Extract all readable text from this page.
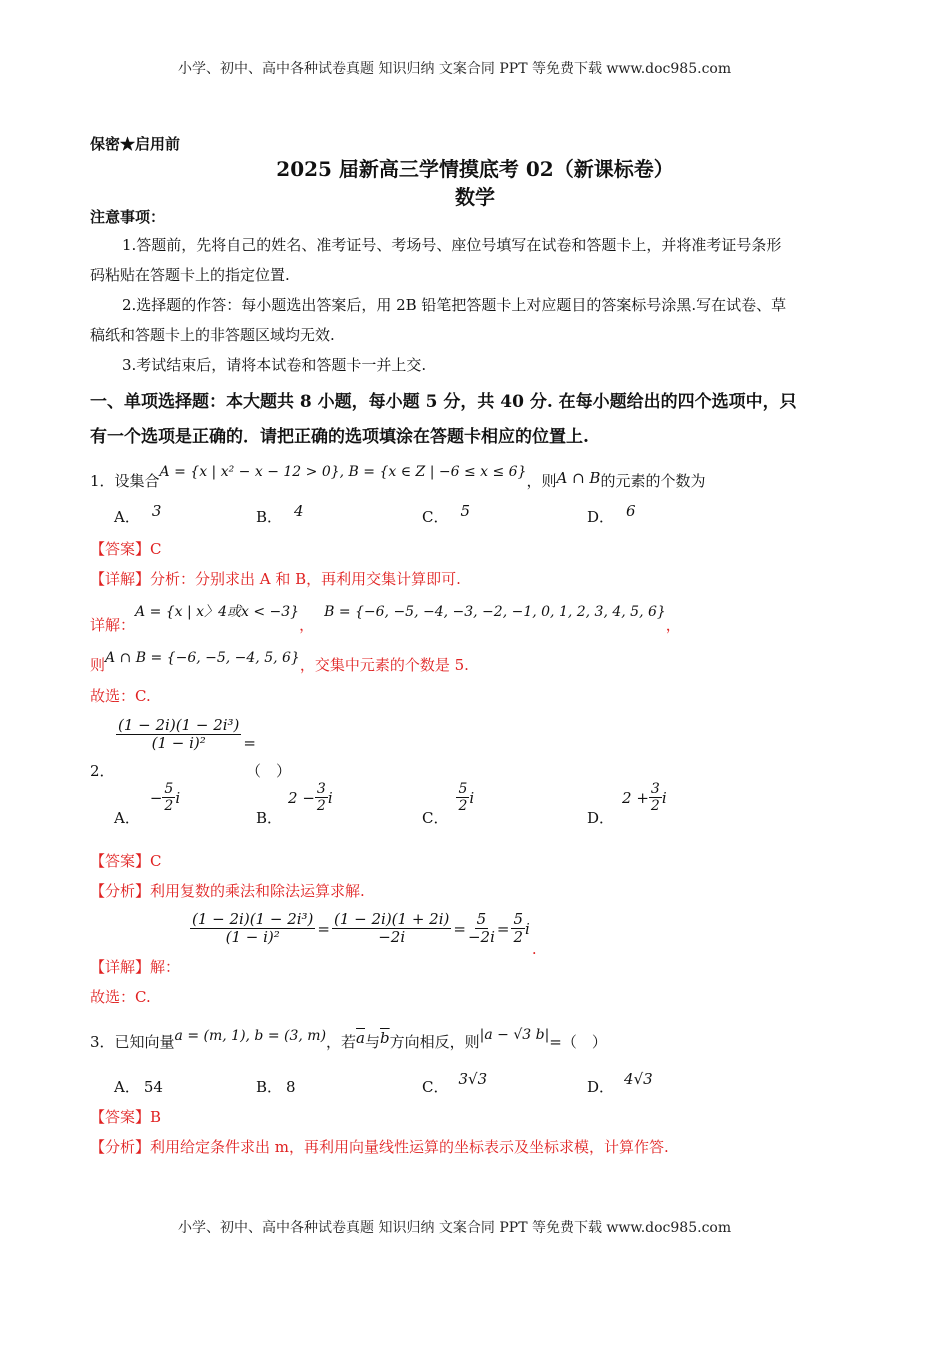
小学、初中、高中各种试卷真题 知识归纳 文案合同 PPT 等免费下载 www.doc985.com
保密★启用前
2025 届新高三学情摸底考 02（新课标卷）
数学
注意事项：
1.答题前，先将自己的姓名、准考证号、考场号、座位号填写在试卷和答题卡上，并将准考证号条形
码粘贴在答题卡上的指定位置.
2.选择题的作答：每小题选出答案后，用 2B 铅笔把答题卡上对应题目的答案标号涂黑.写在试卷、草
稿纸和答题卡上的非答题区域均无效.
3.考试结束后，请将本试卷和答题卡一并上交.
一、单项选择题：本大题共 8 小题，每小题 5 分，共 40 分. 在每小题给出的四个选项中，只
有一个选项是正确的．请把正确的选项填涂在答题卡相应的位置上.
1．设集合A = {x | x² − x − 12 > 0}, B = {x ∈ Z | −6 ≤ x ≤ 6}，则A ∩ B的元素的个数为
A． 3	B． 4	C． 5	D． 6
【答案】C
【详解】分析：分别求出 A 和 B，再利用交集计算即可.
详解：A = {x | x〉4或x < −3}，B = {−6, −5, −4, −3, −2, −1, 0, 1, 2, 3, 4, 5, 6}，
则A ∩ B = {−6, −5, −4, 5, 6}，交集中元素的个数是 5.
故选：C.
2．
$\frac{\text{(1 − 2i)(1 − 2i³)}}{\text{(1 − i)²}}$ =
（　）
A．
− $\frac{5}{2}$ i
B．
$2 - \frac{3}{2}$ i
C．
$\frac{5}{2}$ i
D．
$2 + \frac{3}{2}$ i
【答案】C
【分析】利用复数的乘法和除法运算求解.
【详解】解：
$\frac{\text{(1 − 2i)(1 − 2i³)}}{\text{(1 − i)²}} = \frac{(1 - 2i)(1 + 2i)}{-2i} = \frac{5}{-2i} = \frac{5}{2}$ i
.
故选：C.
3．已知向量a = (m, 1), b = (3, m)，若$\overline{a}$与$\overline{b}$方向相反，则|a − √3 b|=（　）
A． 54	B． 8	C． 3√3	D． 4√3
【答案】B
【分析】利用给定条件求出 m，再利用向量线性运算的坐标表示及坐标求模，计算作答.
小学、初中、高中各种试卷真题 知识归纳 文案合同 PPT 等免费下载 www.doc985.com
